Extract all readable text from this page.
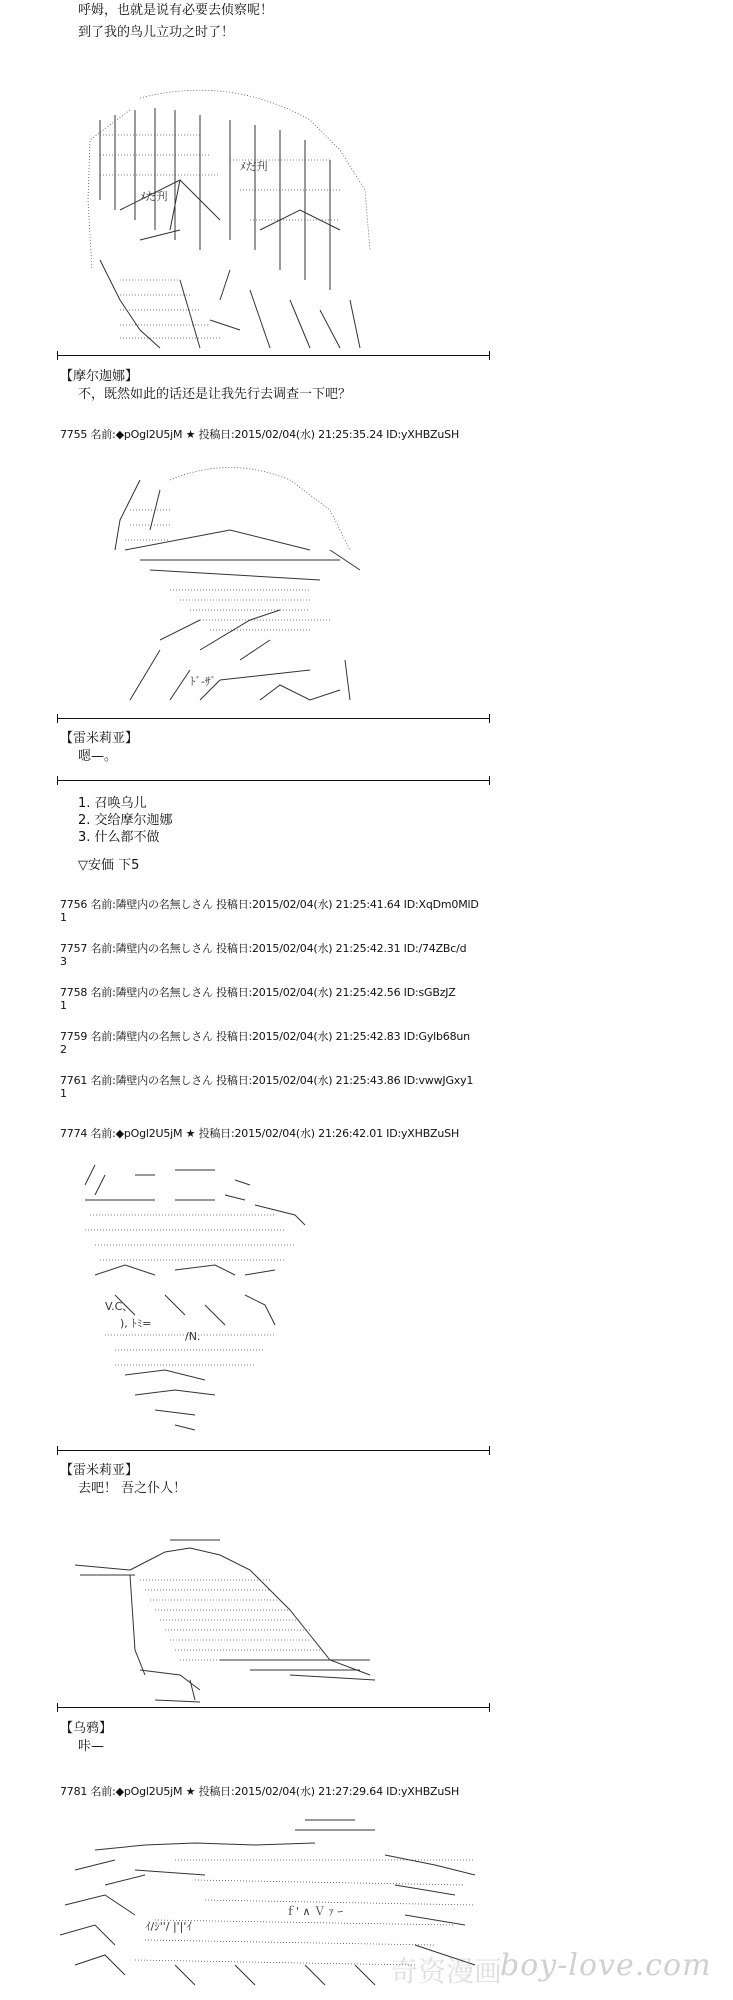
呼姆，也就是说有必要去侦察呢！
到了我的鸟儿立功之时了！
ﾒだ刋
ﾒだ刋
【摩尔迦娜】
不，既然如此的话还是让我先行去调查一下吧？
7755 名前:◆pOgl2U5jM ★ 投稿日:2015/02/04(水) 21:25:35.24 ID:yXHBZuSH
ﾄﾞ-ｻﾞ
【雷米莉亚】
嗯—。
1. 召唤乌儿
2. 交给摩尔迦娜
3. 什么都不做
▽安価 下5
7756 名前:隣壁内の名無しさん 投稿日:2015/02/04(水) 21:25:41.64 ID:XqDm0MlD
1
7757 名前:隣壁内の名無しさん 投稿日:2015/02/04(水) 21:25:42.31 ID:/74ZBc/d
3
7758 名前:隣壁内の名無しさん 投稿日:2015/02/04(水) 21:25:42.56 ID:sGBzJZ
1
7759 名前:隣壁内の名無しさん 投稿日:2015/02/04(水) 21:25:42.83 ID:Gylb68un
2
7761 名前:隣壁内の名無しさん 投稿日:2015/02/04(水) 21:25:43.86 ID:vwwJGxy1
1
7774 名前:◆pOgl2U5jM ★ 投稿日:2015/02/04(水) 21:26:42.01 ID:yXHBZuSH
V.C、
), ﾄﾐ=
/N.
【雷米莉亚】
去吧！ 吾之仆人！
【乌鸦】
咔—
7781 名前:◆pOgl2U5jM ★ 投稿日:2015/02/04(水) 21:27:29.64 ID:yXHBZuSH
ｲ/ｼ''/ |'|'ｲ
ｆ' ∧ Ｖ ｧ ｰ
奇资漫画
boy-love.com
